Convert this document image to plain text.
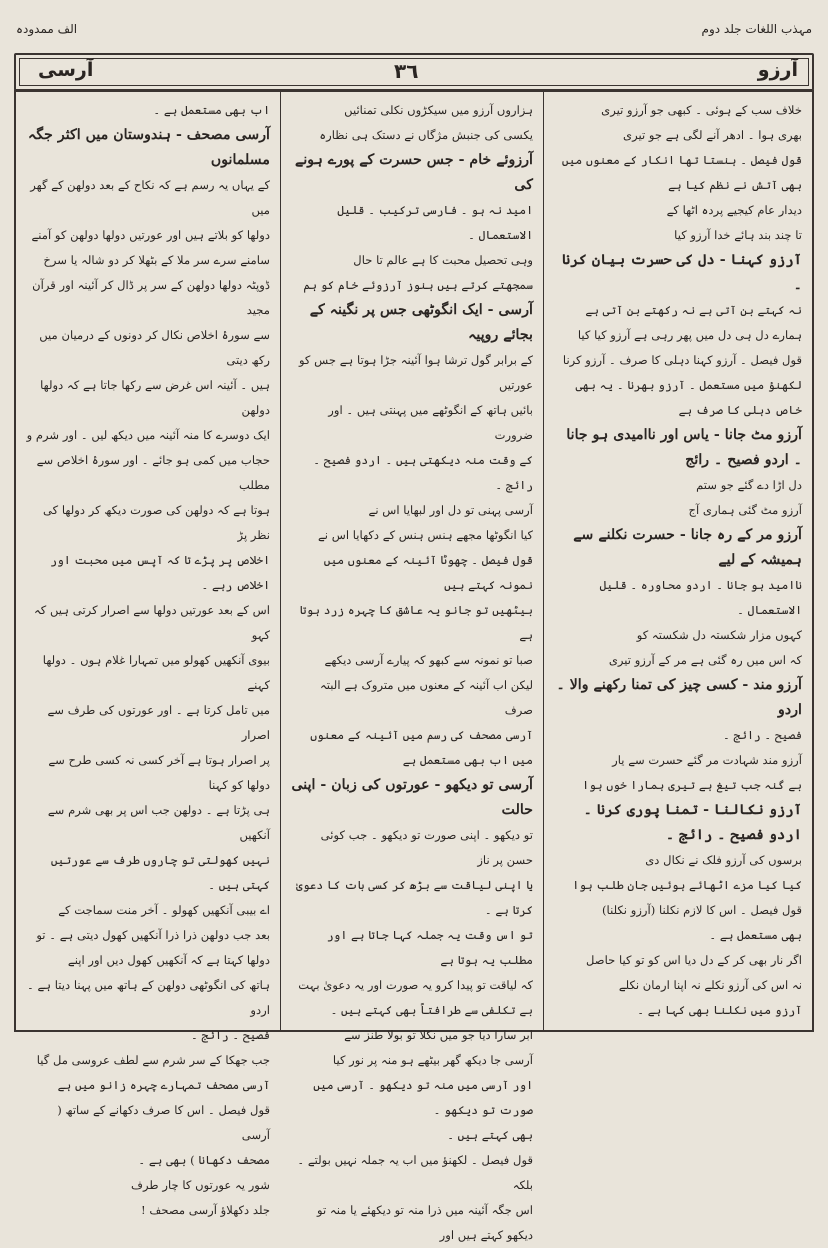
مہذب اللغات جلد دوم
الف ممدودہ
آرزو
٣٦
آرسی

خلاف سب کے ہوئی ۔ کبھی جو آرزو تیری

بھری ہوا ۔ ادھر آنے لگی ہے جو تیری

قول فیصل ۔ ہنستا تھا انکار کے معنوں میں بھی آتش نے نظم کیا ہے

دیدار عام کیجیے پردہ اٹھا کے

تا چند بند ہائے خدا آرزو کیا

آرزو کہنا - دل کی حسرت بیان کرنا ۔

نہ کہتے بن آتی ہے نہ رکھتے بن آتی ہے

ہمارے دل ہی دل میں پھر رہی ہے آرزو کیا کیا

قول فیصل ۔ آرزو کہنا دہلی کا صرف ۔ آرزو کرنا

لکھنؤ میں مستعمل ۔ آرزو بھرنا ۔ یہ بھی خاص دہلی کا صرف ہے

آرزو مٹ جانا - یاس اور ناامیدی ہو جانا ۔ اردو فصیح ۔ رائج

دل اڑا دے گئے جو ستم

آرزو مٹ گئی ہماری آج

آرزو مر کے رہ جانا - حسرت نکلنے سے ہمیشہ کے لیے

ناامید ہو جانا ۔ اردو محاورہ ۔ قلیل الاستعمال ۔

کہوں مزار شکستہ دل شکستہ کو

کہ اس میں رہ گئی ہے مر کے آرزو تیری

آرزو مند - کسی چیز کی تمنا رکھنے والا ۔ اردو

فصیح ۔ رائج ۔

آرزو مند شہادت مر گئے حسرت سے یار

بے گنہ جب تیغ ہے تیری ہمارا خوں ہوا

آرزو نکالنا - تمنا پوری کرنا ۔ اردو فصیح ۔ رائج ۔

برسوں کی آرزو فلک نے نکال دی

کیا کیا مزے اٹھائے ہوئیں جان طلب ہوا

قول فیصل ۔ اس کا لازم نکلنا (آرزو نکلنا)

بھی مستعمل ہے ۔

اگر نار بھی کر کے دل دیا اس کو تو کیا حاصل

نہ اس کی آرزو نکلے نہ اپنا ارمان نکلے

آرزو میں نکلنا بھی کہا ہے ۔

ہزاروں آرزو میں سیکڑوں نکلی تمنائیں

یکسی کی جنبش مژگاں نے دستک ہی نظارہ

آرزوئے خام - جس حسرت کے پورے ہونے کی

امید نہ ہو ۔ فارسی ترکیب ۔ قلیل الاستعمال ۔

وہی تحصیل محبت کا ہے عالم تا حال

سمجھتے کرتے ہیں ہنوز آرزوئے خام کو ہم

آرسی - ایک انگوٹھی جس پر نگینہ کے بجائے روپیہ

کے برابر گول ترشا ہوا آئینہ جڑا ہوتا ہے جس کو عورتیں

بائیں ہاتھ کے انگوٹھے میں پہنتی ہیں ۔ اور ضرورت

کے وقت منہ دیکھتی ہیں ۔ اردو فصیح ۔ رائج ۔

آرسی پہنی تو دل اور لبھایا اس نے

کیا انگوٹھا مجھے ہنس ہنس کے دکھایا اس نے

قول فیصل ۔ چھوٹا آئینہ کے معنوں میں نمونہ کہتے ہیں

بیٹھیں تو جانو یہ عاشق کا چہرہ زرد ہوتا ہے

صبا تو نمونہ سے کبھو کہ پیارے آرسی دیکھے

لیکن اب آئینہ کے معنوں میں متروک ہے البتہ صرف

آرسی مصحف کی رسم میں آئینہ کے معنوں میں اب بھی مستعمل ہے

آرسی تو دیکھو - عورتوں کی زبان - اپنی حالت

تو دیکھو ۔ اپنی صورت تو دیکھو ۔ جب کوئی حسن پر ناز

یا اپنی لیاقت سے بڑھ کر کسی بات کا دعویٰ کرتا ہے ۔

تو اس وقت یہ جملہ کہا جاتا ہے اور مطلب یہ ہوتا ہے

کہ لیاقت تو پیدا کرو یہ صورت اور یہ دعویٰ بہت

بے تکلفی سے طرافتاً بھی کہتے ہیں ۔

ابر سارا دیا جو میں نکلا تو بولا طنز سے

آرسی جا دیکھ گھر بیٹھے ہو منہ پر نور کیا

اور آرسی میں منہ تو دیکھو ۔ آرسی میں صورت تو دیکھو ۔

بھی کہتے ہیں ۔

قول فیصل ۔ لکھنؤ میں اب یہ جملہ نہیں بولتے ۔ بلکہ

اس جگہ آئینہ میں ذرا منہ تو دیکھئے یا منہ تو دیکھو کہتے ہیں اور

اب بھی مستعمل ہے ۔

آرسی مصحف - ہندوستان میں اکثر جگہ مسلمانوں

کے یہاں یہ رسم ہے کہ نکاح کے بعد دولھن کے گھر میں

دولھا کو بلاتے ہیں اور عورتیں دولھا دولھن کو آمنے

سامنے سرے سر ملا کے بٹھلا کر دو شالہ یا سرخ

ڈوپٹہ دولھا دولھن کے سر پر ڈال کر آئینہ اور قرآن مجید

سے سورۂ اخلاص نکال کر دونوں کے درمیان میں رکھ دیتی

ہیں ۔ آئینہ اس غرض سے رکھا جاتا ہے کہ دولھا دولھن

ایک دوسرے کا منہ آئینہ میں دیکھ لیں ۔ اور شرم و

حجاب میں کمی ہو جائے ۔ اور سورۂ اخلاص سے مطلب

ہوتا ہے کہ دولھن کی صورت دیکھ کر دولھا کی نظر پڑ

اخلاص پر پڑے تا کہ آپس میں محبت اور اخلاص رہے ۔

اس کے بعد عورتیں دولھا سے اصرار کرتی ہیں کہ کہو

بیوی آنکھیں کھولو میں تمہارا غلام ہوں ۔ دولھا کہنے

میں تامل کرتا ہے ۔ اور عورتوں کی طرف سے اصرار

پر اصرار ہوتا ہے آخر کسی نہ کسی طرح سے دولھا کو کہنا

ہی پڑتا ہے ۔ دولھن جب اس پر بھی شرم سے آنکھیں

نہیں کھولتی تو چاروں طرف سے عورتیں کہتی ہیں ۔

اے بیبی آنکھیں کھولو ۔ آخر منت سماجت کے

بعد جب دولھن ذرا ذرا آنکھیں کھول دیتی ہے ۔ تو

دولھا کہتا ہے کہ آنکھیں کھول دیں اور اپنے

ہاتھ کی انگوٹھی دولھن کے ہاتھ میں پہنا دیتا ہے ۔ اردو

فصیح ۔ رائج ۔

جب جھکا کے سر شرم سے لطف عروسی مل گیا

آرسی مصحف تمہارے چہرہ زانو میں ہے

قول فیصل ۔ اس کا صرف دکھانے کے ساتھ ( آرسی

مصحف دکھانا ) بھی ہے ۔

شور یہ عورتوں کا چار طرف

جلد دکھلاؤ آرسی مصحف !
